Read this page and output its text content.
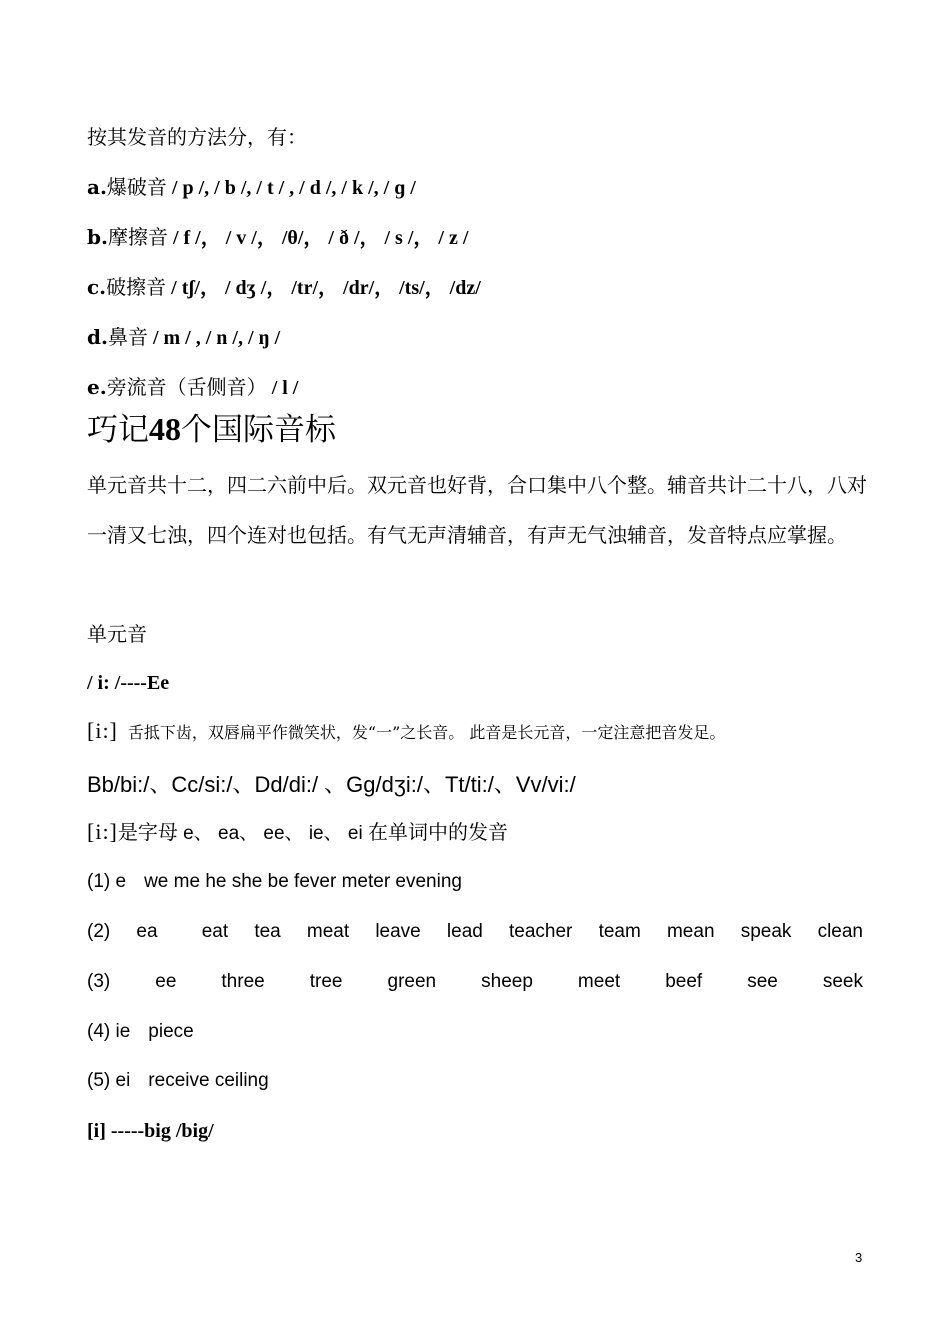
按其发音的方法分，有：
a.爆破音 / p /, / b /, / t / , / d /, / k /, / ɡ /
b.摩擦音 / f /， / v /， /θ/， / ð /， / s /， / z /
c.破擦音 / tʃ/， / dʒ /， /tr/， /dr/， /ts/， /dz/
d.鼻音 / m / , / n /, / ŋ /
e.旁流音（舌侧音） / l /
巧记48个国际音标
单元音共十二，四二六前中后。双元音也好背，合口集中八个整。辅音共计二十八，八对一清又七浊，四个连对也包括。有气无声清辅音，有声无气浊辅音，发音特点应掌握。
单元音
/ i: /----Ee
[i:] 舌抵下齿，双唇扁平作微笑状，发“一”之长音。 此音是长元音，一定注意把音发足。
Bb/bi:/、Cc/si:/、Dd/di:/ 、Gg/dʒi:/、Tt/ti:/、Vv/vi:/
[i:]是字母 e、 ea、 ee、 ie、 ei 在单词中的发音
(1) e we me he she be fever meter evening
(2) ea eat tea meat leave lead teacher team mean speak clean
(3) ee three tree green sheep meet beef see seek
(4) ie piece
(5) ei receive ceiling
[i] -----big /big/
3
